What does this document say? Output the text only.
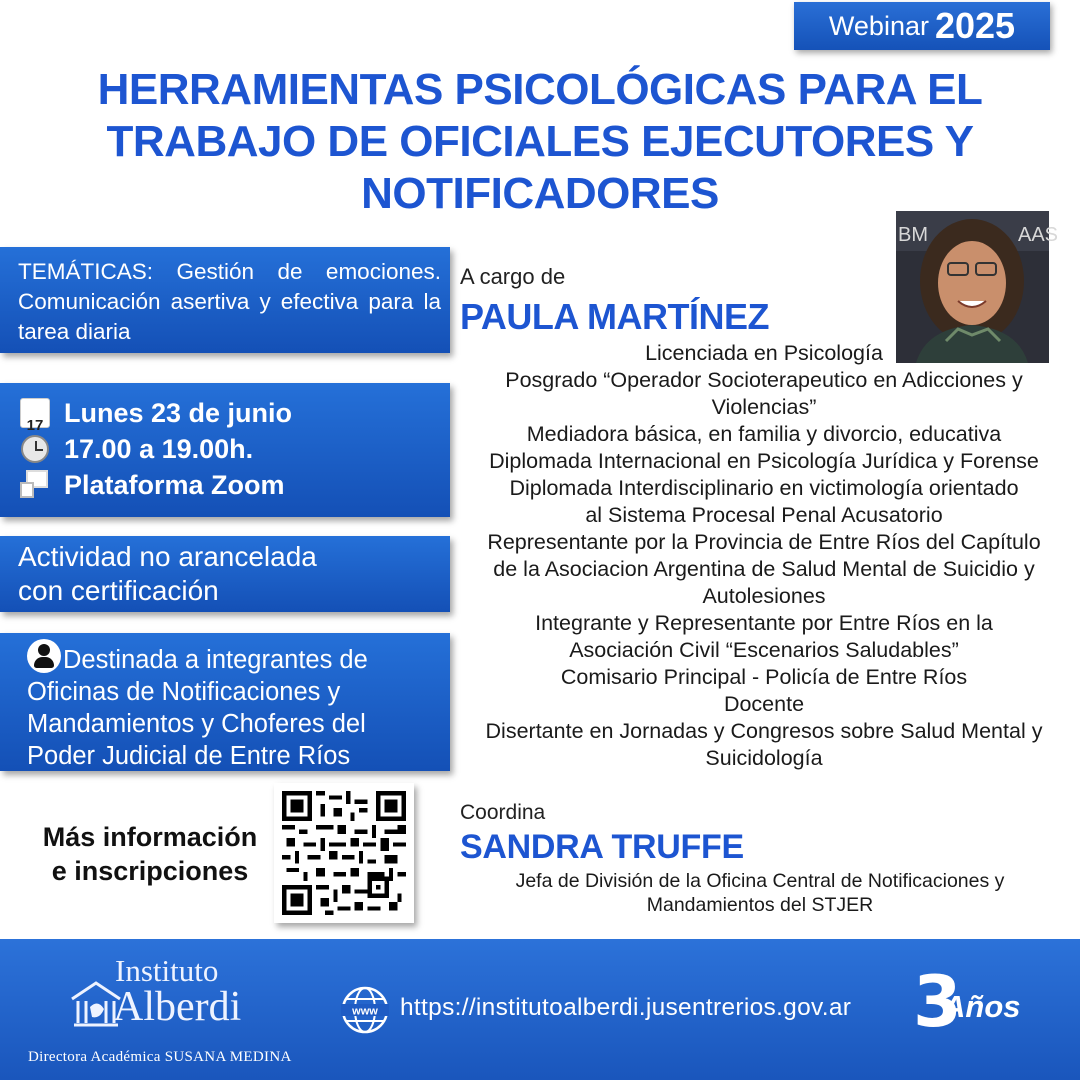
Webinar 2025
HERRAMIENTAS PSICOLÓGICAS PARA EL
TRABAJO DE OFICIALES EJECUTORES Y
NOTIFICADORES
TEMÁTICAS: Gestión de emociones. Comunicación asertiva y efectiva para la tarea diaria
17 Lunes 23 de junio
17.00 a 19.00h.
Plataforma Zoom
Actividad no arancelada
con certificación
Destinada a integrantes de
Oficinas de Notificaciones y
Mandamientos y Choferes del
Poder Judicial de Entre Ríos
Más información
e inscripciones
A cargo de
PAULA MARTÍNEZ
BM	AAS
Licenciada en Psicología
Posgrado “Operador Socioterapeutico en Adicciones y
Violencias”
Mediadora básica, en familia y divorcio, educativa
Diplomada Internacional en Psicología Jurídica y Forense
Diplomada Interdisciplinario en victimología orientado
al Sistema Procesal Penal Acusatorio
Representante por la Provincia de Entre Ríos del Capítulo
de la Asociacion Argentina de Salud Mental de Suicidio y
Autolesiones
Integrante y Representante por Entre Ríos en la
Asociación Civil “Escenarios Saludables”
Comisario Principal - Policía de Entre Ríos
Docente
Disertante en Jornadas y Congresos sobre Salud Mental y
Suicidología
Coordina
SANDRA TRUFFE
Jefa de División de la Oficina Central de Notificaciones y
Mandamientos del STJER
Instituto
Alberdi
Directora Académica SUSANA MEDINA
www https://institutoalberdi.jusentrerios.gov.ar 3
Años
